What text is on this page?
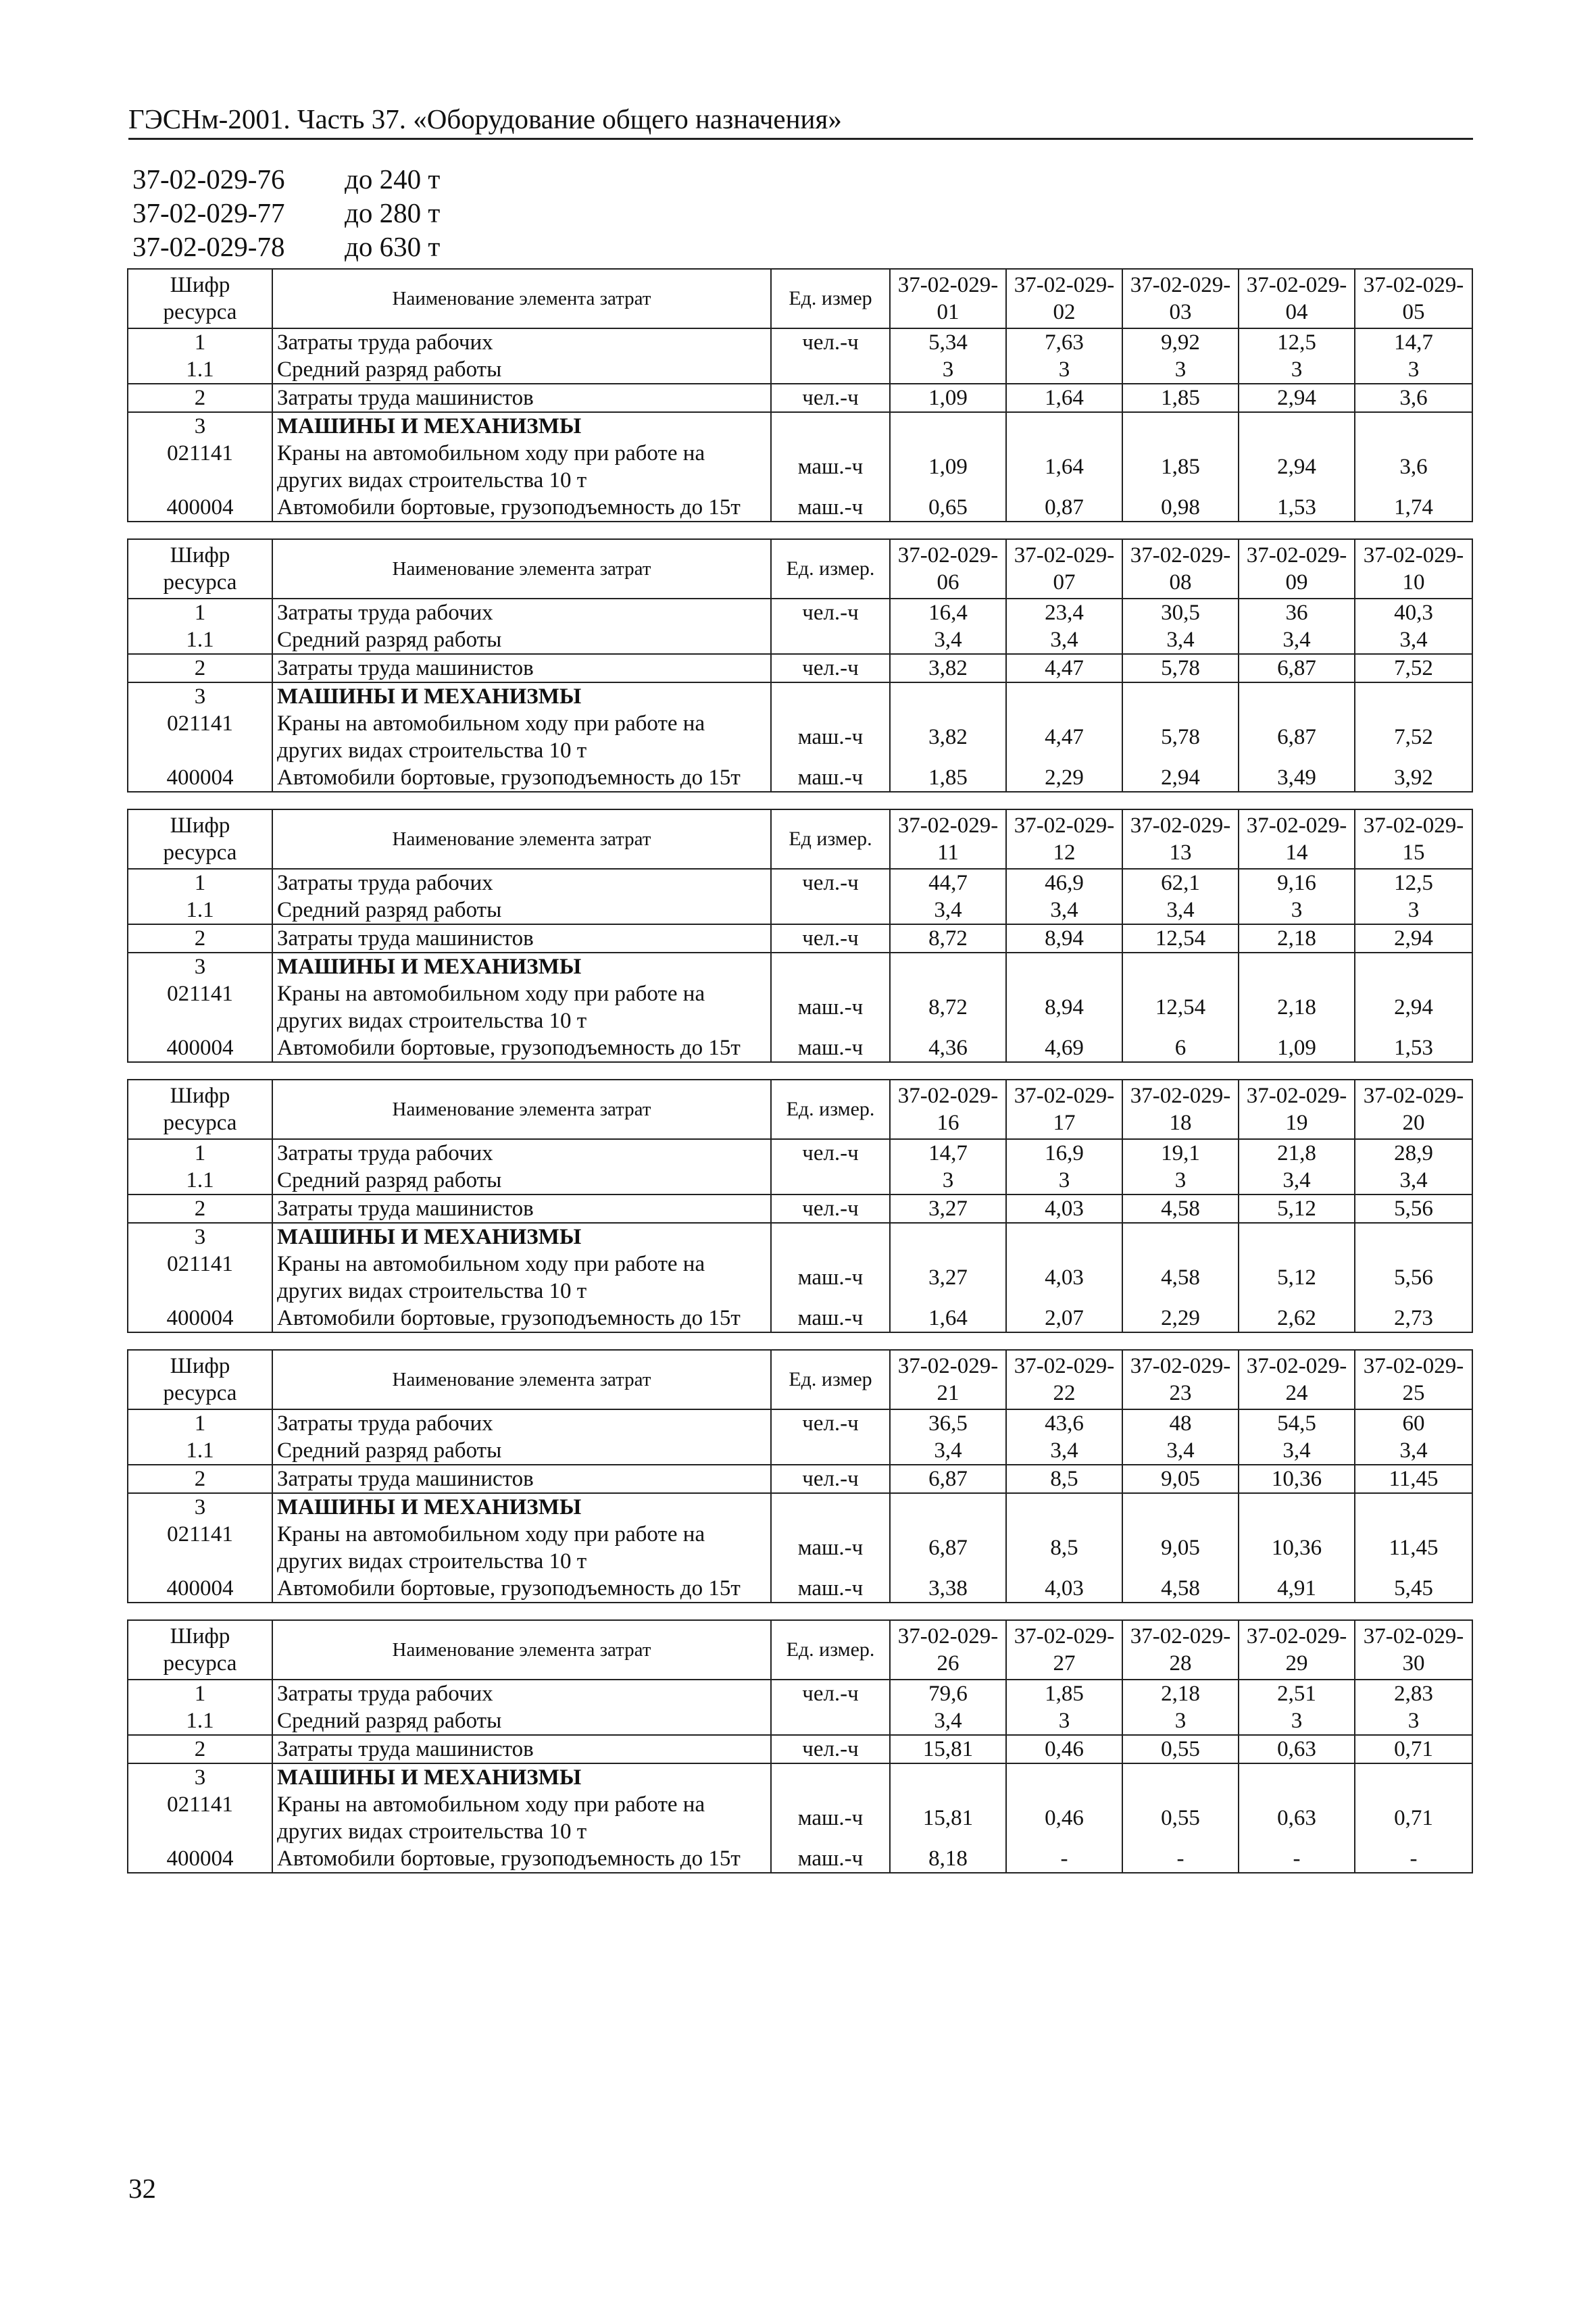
ГЭСНм-2001. Часть 37. «Оборудование общего назначения»
37-02-029-76	до 240 т
37-02-029-77	до 280 т
37-02-029-78	до 630 т
Шифр ресурса	Наименование элемента затрат	Ед. измер	37-02-029-01	37-02-029-02	37-02-029-03	37-02-029-04	37-02-029-05
1	Затраты труда рабочих	чел.-ч	5,34	7,63	9,92	12,5	14,7
1.1	Средний разряд работы		3	3	3	3	3
2	Затраты труда машинистов	чел.-ч	1,09	1,64	1,85	2,94	3,6
3	МАШИНЫ И МЕХАНИЗМЫ						
021141	Краны на автомобильном ходу при работе на других видах строительства 10 т	маш.-ч	1,09	1,64	1,85	2,94	3,6
400004	Автомобили бортовые, грузоподъемность до 15т	маш.-ч	0,65	0,87	0,98	1,53	1,74
Шифр ресурса	Наименование элемента затрат	Ед. измер.	37-02-029-06	37-02-029-07	37-02-029-08	37-02-029-09	37-02-029-10
1	Затраты труда рабочих	чел.-ч	16,4	23,4	30,5	36	40,3
1.1	Средний разряд работы		3,4	3,4	3,4	3,4	3,4
2	Затраты труда машинистов	чел.-ч	3,82	4,47	5,78	6,87	7,52
3	МАШИНЫ И МЕХАНИЗМЫ						
021141	Краны на автомобильном ходу при работе на других видах строительства 10 т	маш.-ч	3,82	4,47	5,78	6,87	7,52
400004	Автомобили бортовые, грузоподъемность до 15т	маш.-ч	1,85	2,29	2,94	3,49	3,92
Шифр ресурса	Наименование элемента затрат	Ед измер.	37-02-029-11	37-02-029-12	37-02-029-13	37-02-029-14	37-02-029-15
1	Затраты труда рабочих	чел.-ч	44,7	46,9	62,1	9,16	12,5
1.1	Средний разряд работы		3,4	3,4	3,4	3	3
2	Затраты труда машинистов	чел.-ч	8,72	8,94	12,54	2,18	2,94
3	МАШИНЫ И МЕХАНИЗМЫ						
021141	Краны на автомобильном ходу при работе на других видах строительства 10 т	маш.-ч	8,72	8,94	12,54	2,18	2,94
400004	Автомобили бортовые, грузоподъемность до 15т	маш.-ч	4,36	4,69	6	1,09	1,53
Шифр ресурса	Наименование элемента затрат	Ед. измер.	37-02-029-16	37-02-029-17	37-02-029-18	37-02-029-19	37-02-029-20
1	Затраты труда рабочих	чел.-ч	14,7	16,9	19,1	21,8	28,9
1.1	Средний разряд работы		3	3	3	3,4	3,4
2	Затраты труда машинистов	чел.-ч	3,27	4,03	4,58	5,12	5,56
3	МАШИНЫ И МЕХАНИЗМЫ						
021141	Краны на автомобильном ходу при работе на других видах строительства 10 т	маш.-ч	3,27	4,03	4,58	5,12	5,56
400004	Автомобили бортовые, грузоподъемность до 15т	маш.-ч	1,64	2,07	2,29	2,62	2,73
Шифр ресурса	Наименование элемента затрат	Ед. измер	37-02-029-21	37-02-029-22	37-02-029-23	37-02-029-24	37-02-029-25
1	Затраты труда рабочих	чел.-ч	36,5	43,6	48	54,5	60
1.1	Средний разряд работы		3,4	3,4	3,4	3,4	3,4
2	Затраты труда машинистов	чел.-ч	6,87	8,5	9,05	10,36	11,45
3	МАШИНЫ И МЕХАНИЗМЫ						
021141	Краны на автомобильном ходу при работе на других видах строительства 10 т	маш.-ч	6,87	8,5	9,05	10,36	11,45
400004	Автомобили бортовые, грузоподъемность до 15т	маш.-ч	3,38	4,03	4,58	4,91	5,45
Шифр ресурса	Наименование элемента затрат	Ед. измер.	37-02-029-26	37-02-029-27	37-02-029-28	37-02-029-29	37-02-029-30
1	Затраты труда рабочих	чел.-ч	79,6	1,85	2,18	2,51	2,83
1.1	Средний разряд работы		3,4	3	3	3	3
2	Затраты труда машинистов	чел.-ч	15,81	0,46	0,55	0,63	0,71
3	МАШИНЫ И МЕХАНИЗМЫ						
021141	Краны на автомобильном ходу при работе на других видах строительства 10 т	маш.-ч	15,81	0,46	0,55	0,63	0,71
400004	Автомобили бортовые, грузоподъемность до 15т	маш.-ч	8,18	-	-	-	-
32
